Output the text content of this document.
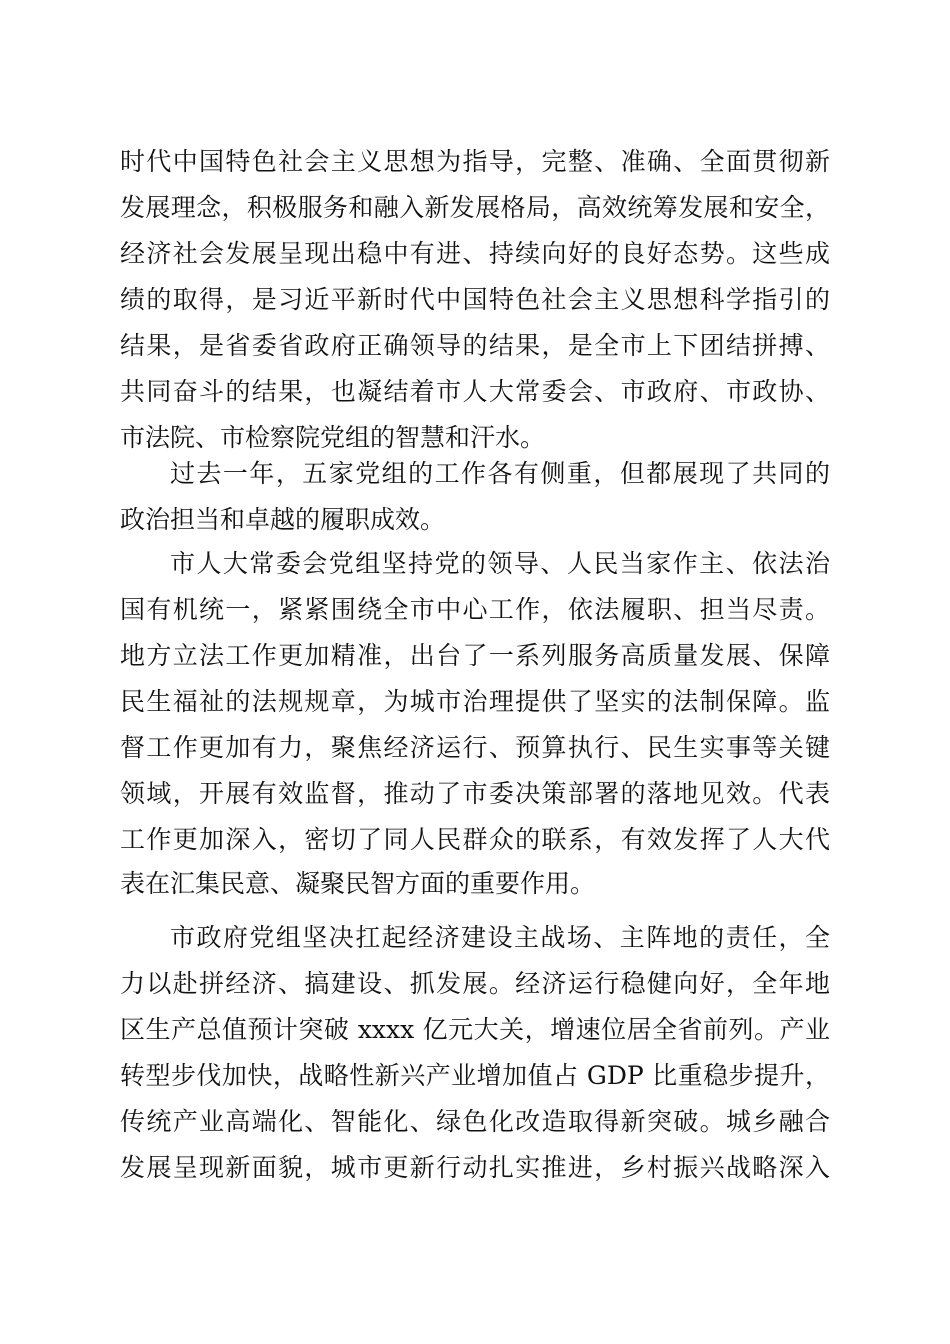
时代中国特色社会主义思想为指导，完整、准确、全面贯彻新
发展理念，积极服务和融入新发展格局，高效统筹发展和安全，
经济社会发展呈现出稳中有进、持续向好的良好态势。这些成
绩的取得，是习近平新时代中国特色社会主义思想科学指引的
结果，是省委省政府正确领导的结果，是全市上下团结拼搏、
共同奋斗的结果，也凝结着市人大常委会、市政府、市政协、
市法院、市检察院党组的智慧和汗水。
过去一年，五家党组的工作各有侧重，但都展现了共同的
政治担当和卓越的履职成效。
市人大常委会党组坚持党的领导、人民当家作主、依法治
国有机统一，紧紧围绕全市中心工作，依法履职、担当尽责。
地方立法工作更加精准，出台了一系列服务高质量发展、保障
民生福祉的法规规章，为城市治理提供了坚实的法制保障。监
督工作更加有力，聚焦经济运行、预算执行、民生实事等关键
领域，开展有效监督，推动了市委决策部署的落地见效。代表
工作更加深入，密切了同人民群众的联系，有效发挥了人大代
表在汇集民意、凝聚民智方面的重要作用。
市政府党组坚决扛起经济建设主战场、主阵地的责任，全
力以赴拼经济、搞建设、抓发展。经济运行稳健向好，全年地
区生产总值预计突破 xxxx 亿元大关，增速位居全省前列。产业
转型步伐加快，战略性新兴产业增加值占 GDP 比重稳步提升，
传统产业高端化、智能化、绿色化改造取得新突破。城乡融合
发展呈现新面貌，城市更新行动扎实推进，乡村振兴战略深入
